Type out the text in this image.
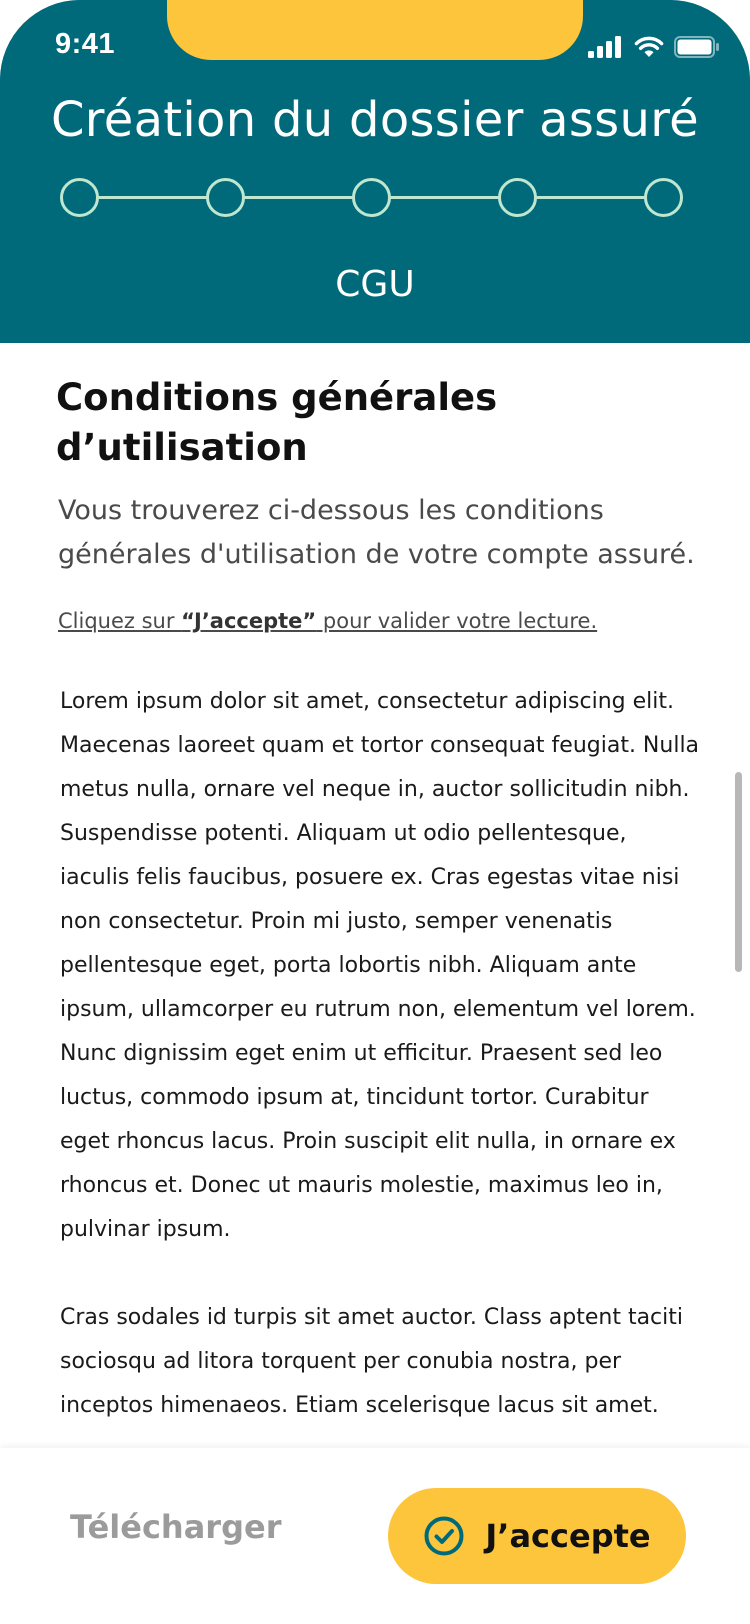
9:41
Création du dossier assuré
CGU
Conditions générales
d’utilisation
Vous trouverez ci-dessous les conditions générales d'utilisation de votre compte assuré.
Cliquez sur “J’accepte” pour valider votre lecture.

Lorem ipsum dolor sit amet, consectetur adipiscing elit. Maecenas laoreet quam et tortor consequat feugiat. Nulla metus nulla, ornare vel neque in, auctor sollicitudin nibh. Suspendisse potenti. Aliquam ut odio pellentesque, iaculis felis faucibus, posuere ex. Cras egestas vitae nisi non consectetur. Proin mi justo, semper venenatis pellentesque eget, porta lobortis nibh. Aliquam ante ipsum, ullamcorper eu rutrum non, elementum vel lorem. Nunc dignissim eget enim ut efficitur. Praesent sed leo luctus, commodo ipsum at, tincidunt tortor. Curabitur eget rhoncus lacus. Proin suscipit elit nulla, in ornare ex rhoncus et. Donec ut mauris molestie, maximus leo in, pulvinar ipsum.

Cras sodales id turpis sit amet auctor. Class aptent taciti sociosqu ad litora torquent per conubia nostra, per inceptos himenaeos. Etiam scelerisque lacus sit amet.

Télécharger	J’accepte
